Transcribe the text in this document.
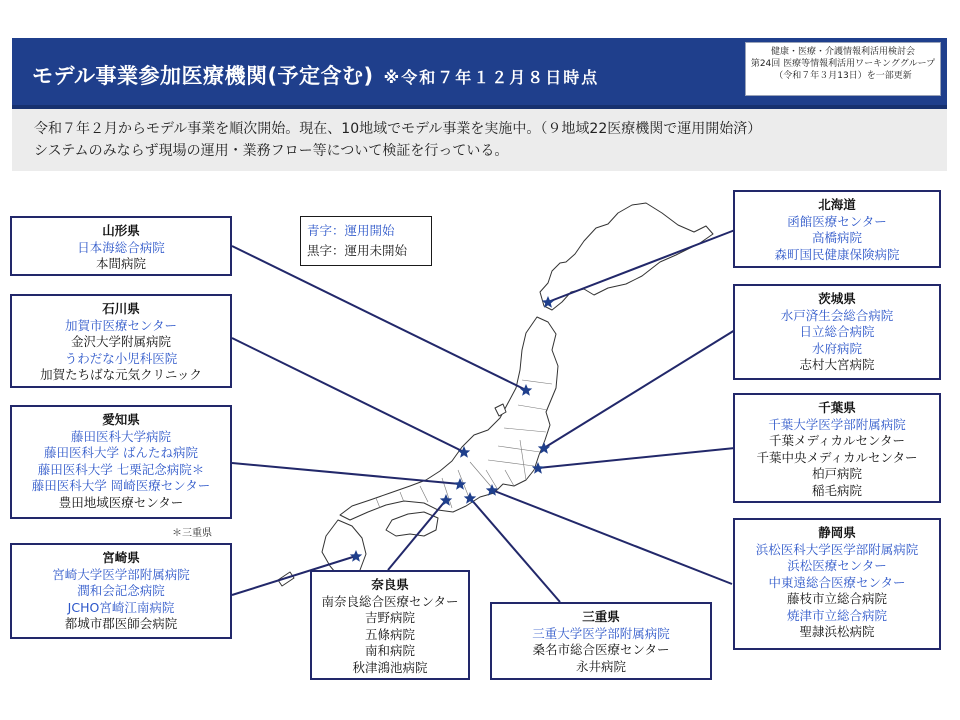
モデル事業参加医療機関(予定含む) ※令和７年１２月８日時点
健康・医療・介護情報利活用検討会
第24回 医療等情報利活用ワーキンググループ
（令和７年３月13日）を一部更新
令和７年２月からモデル事業を順次開始。現在、10地域でモデル事業を実施中。（９地域22医療機関で運用開始済）
システムのみならず現場の運用・業務フロー等について検証を行っている。
青字：運用開始
黒字：運用未開始
山形県
日本海総合病院
本間病院
石川県
加賀市医療センター
金沢大学附属病院
うわだな小児科医院
加賀たちばな元気クリニック
愛知県
藤田医科大学病院
藤田医科大学 ばんたね病院
藤田医科大学 七栗記念病院＊
藤田医科大学 岡崎医療センター
豊田地域医療センター
宮崎県
宮崎大学医学部附属病院
潤和会記念病院
JCHO宮崎江南病院
都城市郡医師会病院
奈良県
南奈良総合医療センター
吉野病院
五條病院
南和病院
秋津鴻池病院
三重県
三重大学医学部附属病院
桑名市総合医療センター
永井病院
北海道
函館医療センター
高橋病院
森町国民健康保険病院
茨城県
水戸済生会総合病院
日立総合病院
水府病院
志村大宮病院
千葉県
千葉大学医学部附属病院
千葉メディカルセンター
千葉中央メディカルセンター
柏戸病院
稲毛病院
静岡県
浜松医科大学医学部附属病院
浜松医療センター
中東遠総合医療センター
藤枝市立総合病院
焼津市立総合病院
聖隷浜松病院
＊三重県
